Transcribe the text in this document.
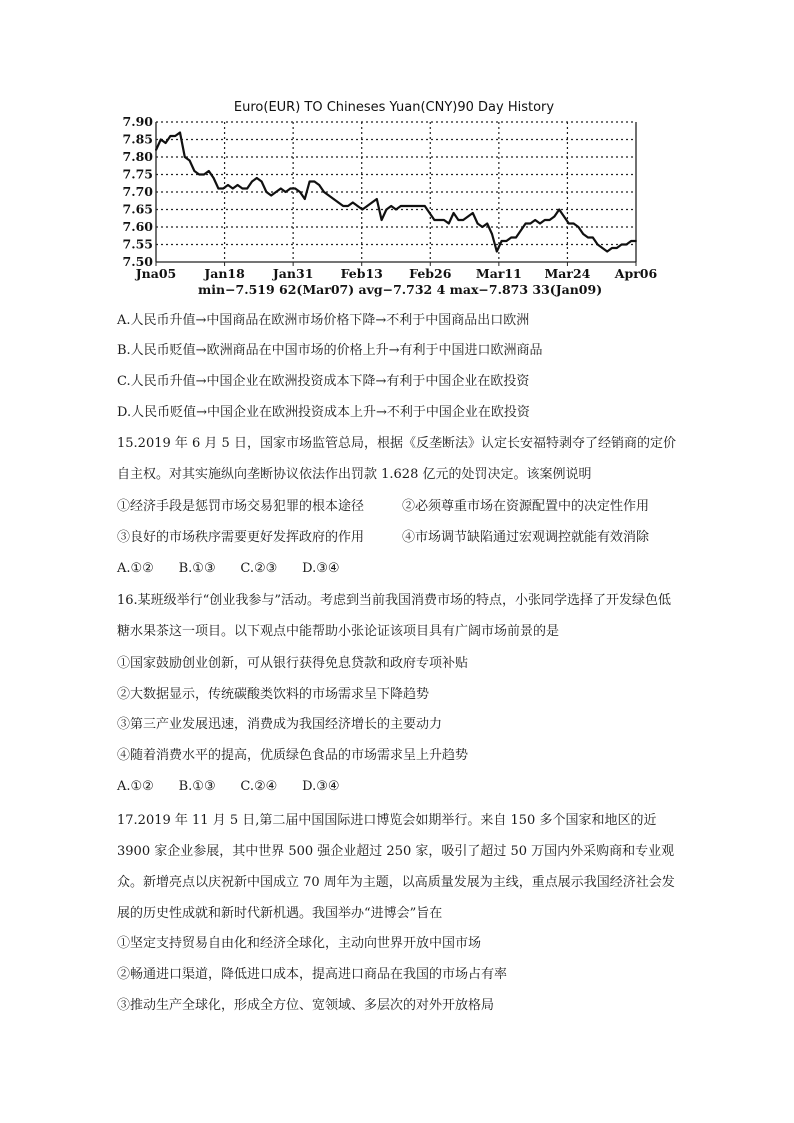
Euro(EUR) TO Chineses Yuan(CNY)90 Day History
7.90
7.85
7.80
7.75
7.70
7.65
7.60
7.55
7.50
Jna05 Jan18 Jan31 Feb13 Feb26 Mar11 Mar24 Apr06
min−7.519 62(Mar07) avg−7.732 4 max−7.873 33(Jan09)
A.人民币升值→中国商品在欧洲市场价格下降→不利于中国商品出口欧洲
B.人民币贬值→欧洲商品在中国市场的价格上升→有利于中国进口欧洲商品
C.人民币升值→中国企业在欧洲投资成本下降→有利于中国企业在欧投资
D.人民币贬值→中国企业在欧洲投资成本上升→不利于中国企业在欧投资
15.2019 年 6 月 5 日，国家市场监管总局，根据《反垄断法》认定长安福特剥夺了经销商的定价自主权。对其实施纵向垄断协议依法作出罚款 1.628 亿元的处罚决定。该案例说明
①经济手段是惩罚市场交易犯罪的根本途径	②必须尊重市场在资源配置中的决定性作用
③良好的市场秩序需要更好发挥政府的作用	④市场调节缺陷通过宏观调控就能有效消除
A.①②      B.①③      C.②③      D.③④
16.某班级举行“创业我参与”活动。考虑到当前我国消费市场的特点，小张同学选择了开发绿色低糖水果茶这一项目。以下观点中能帮助小张论证该项目具有广阔市场前景的是
①国家鼓励创业创新，可从银行获得免息贷款和政府专项补贴
②大数据显示，传统碳酸类饮料的市场需求呈下降趋势
③第三产业发展迅速，消费成为我国经济增长的主要动力
④随着消费水平的提高，优质绿色食品的市场需求呈上升趋势
A.①②      B.①③      C.②④      D.③④
17.2019 年 11 月 5 日,第二届中国国际进口博览会如期举行。来自 150 多个国家和地区的近 3900 家企业参展，其中世界 500 强企业超过 250 家，吸引了超过 50 万国内外采购商和专业观众。新增亮点以庆祝新中国成立 70 周年为主题，以高质量发展为主线，重点展示我国经济社会发展的历史性成就和新时代新机遇。我国举办“进博会”旨在
①坚定支持贸易自由化和经济全球化，主动向世界开放中国市场
②畅通进口渠道，降低进口成本，提高进口商品在我国的市场占有率
③推动生产全球化，形成全方位、宽领域、多层次的对外开放格局
